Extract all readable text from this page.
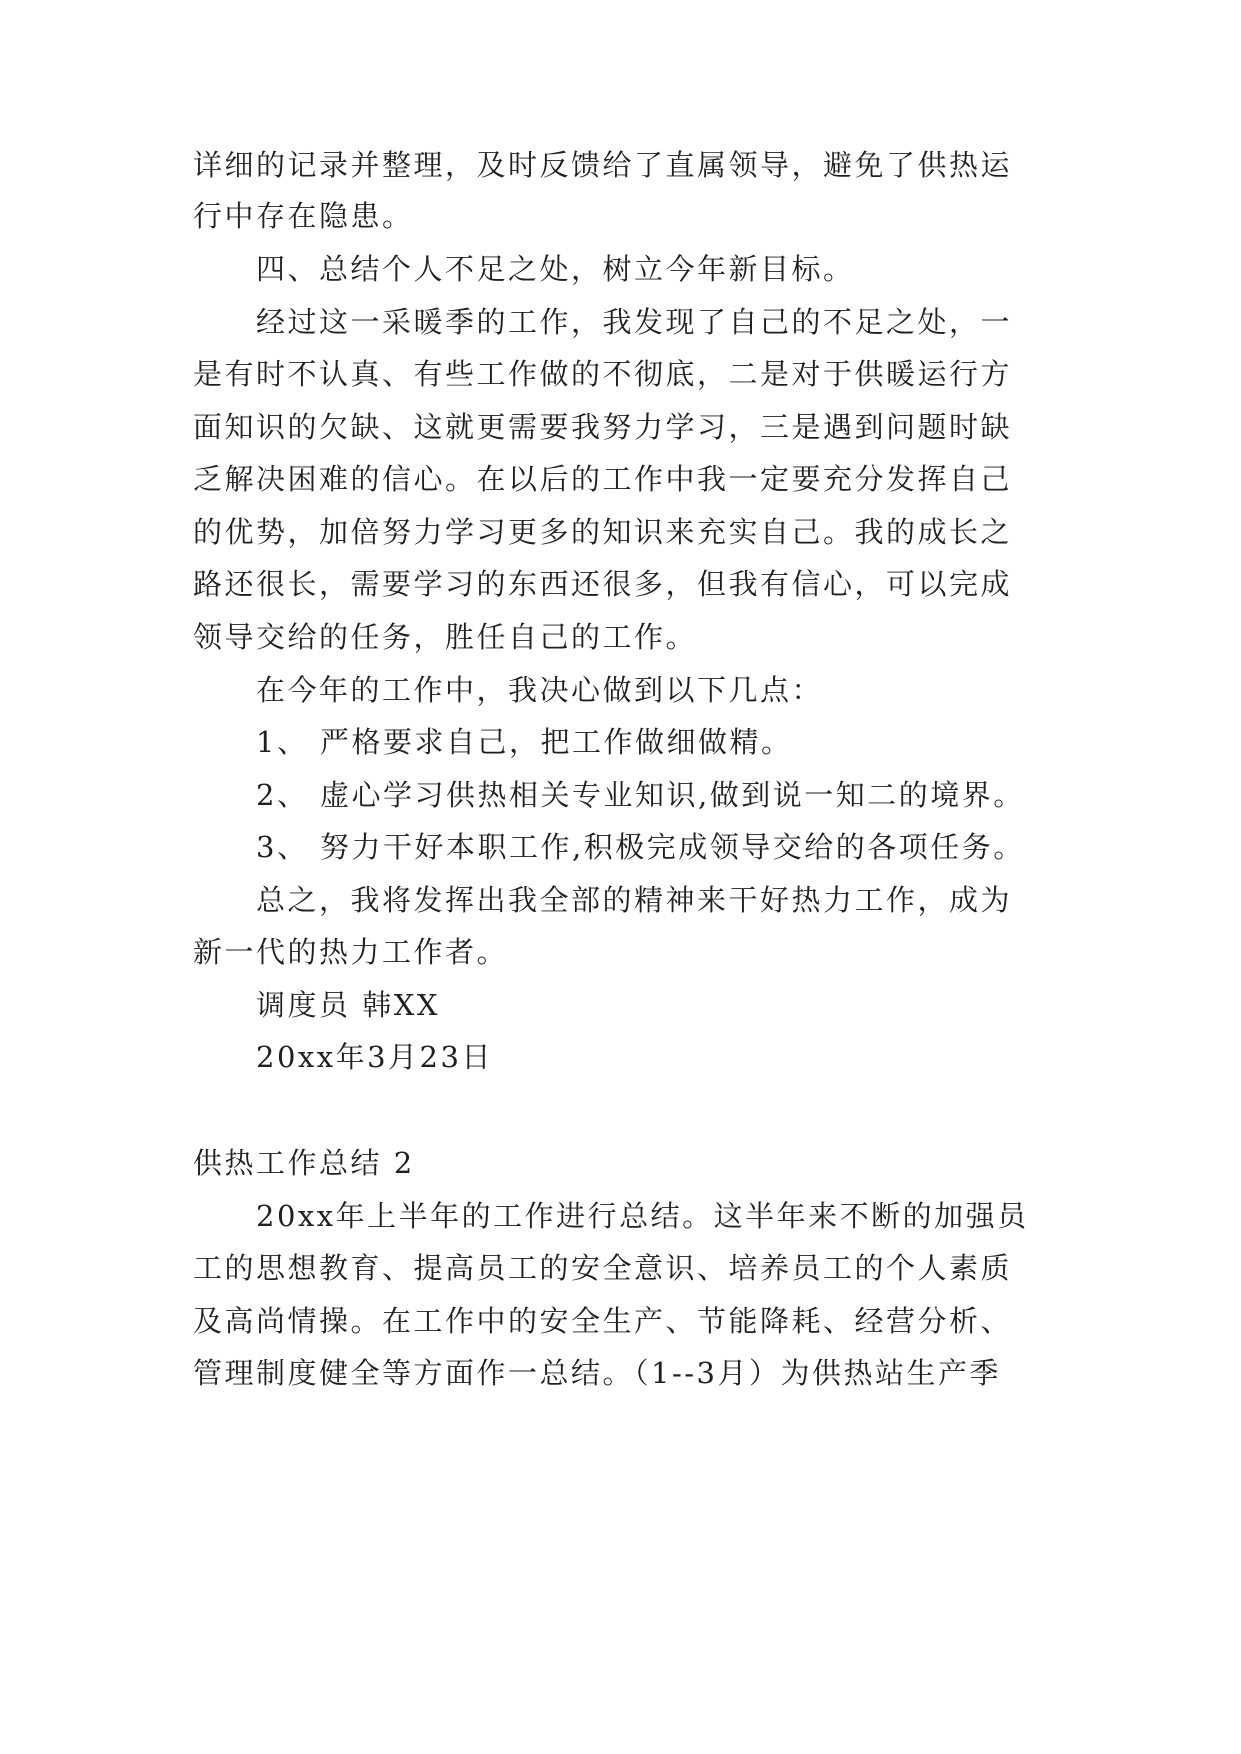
详细的记录并整理，及时反馈给了直属领导，避免了供热运
行中存在隐患。
四、总结个人不足之处，树立今年新目标。
经过这一采暖季的工作，我发现了自己的不足之处，一
是有时不认真、有些工作做的不彻底，二是对于供暖运行方
面知识的欠缺、这就更需要我努力学习，三是遇到问题时缺
乏解决困难的信心。在以后的工作中我一定要充分发挥自己
的优势，加倍努力学习更多的知识来充实自己。我的成长之
路还很长，需要学习的东西还很多，但我有信心，可以完成
领导交给的任务，胜任自己的工作。
在今年的工作中，我决心做到以下几点：
1、 严格要求自己，把工作做细做精。
2、 虚心学习供热相关专业知识,做到说一知二的境界。
3、 努力干好本职工作,积极完成领导交给的各项任务。
总之，我将发挥出我全部的精神来干好热力工作，成为
新一代的热力工作者。
调度员 韩XX
20xx年3月23日
供热工作总结 2
20xx年上半年的工作进行总结。这半年来不断的加强员
工的思想教育、提高员工的安全意识、培养员工的个人素质
及高尚情操。在工作中的安全生产、节能降耗、经营分析、
管理制度健全等方面作一总结。（1--3月）为供热站生产季
